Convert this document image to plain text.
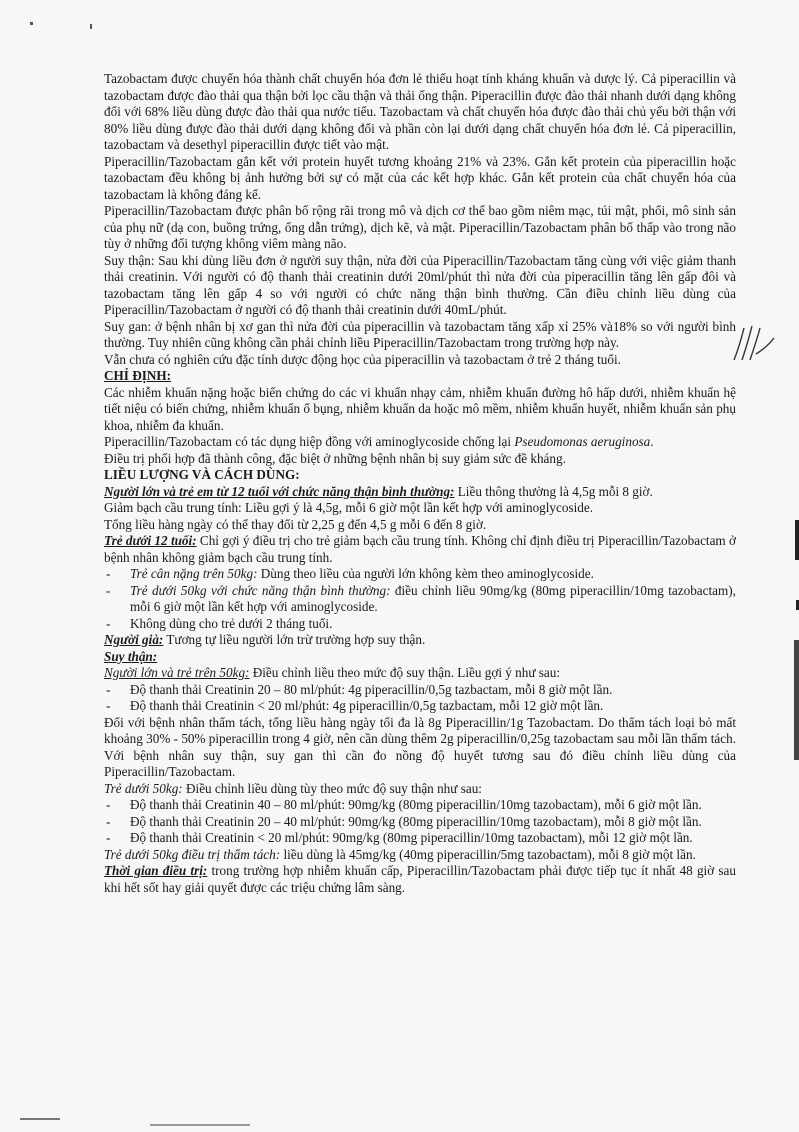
Tazobactam được chuyển hóa thành chất chuyển hóa đơn lẻ thiếu hoạt tính kháng khuẩn và dược lý. Cả piperacillin và tazobactam được đào thải qua thận bởi lọc cầu thận và thải ống thận. Piperacillin được đào thải nhanh dưới dạng không đổi với 68% liều dùng được đào thải qua nước tiểu. Tazobactam và chất chuyển hóa được đào thải chủ yếu bởi thận với 80% liều dùng được đào thải dưới dạng không đổi và phần còn lại dưới dạng chất chuyển hóa đơn lẻ. Cả piperacillin, tazobactam và desethyl piperacillin được tiết vào mật.

Piperacillin/Tazobactam gắn kết với protein huyết tương khoảng 21% và 23%. Gắn kết protein của piperacillin hoặc tazobactam đều không bị ảnh hưởng bởi sự có mặt của các kết hợp khác. Gắn kết protein của chất chuyển hóa của tazobactam là không đáng kể.

Piperacillin/Tazobactam được phân bố rộng rãi trong mô và dịch cơ thể bao gồm niêm mạc, túi mật, phổi, mô sinh sản của phụ nữ (dạ con, buồng trứng, ống dẫn trứng), dịch kẽ, và mật. Piperacillin/Tazobactam phân bố thấp vào trong não tùy ở những đối tượng không viêm màng não.

Suy thận: Sau khi dùng liều đơn ở người suy thận, nửa đời của Piperacillin/Tazobactam tăng cùng với việc giảm thanh thải creatinin. Với người có độ thanh thải creatinin dưới 20ml/phút thì nửa đời của piperacillin tăng lên gấp đôi và tazobactam tăng lên gấp 4 so với người có chức năng thận bình thường. Cần điều chỉnh liều dùng của Piperacillin/Tazobactam ở người có độ thanh thải creatinin dưới 40mL/phút.

Suy gan: ở bệnh nhân bị xơ gan thì nửa đời của piperacillin và tazobactam tăng xấp xỉ 25% và18% so với người bình thường. Tuy nhiên cũng không cần phải chỉnh liều Piperacillin/Tazobactam trong trường hợp này.

Vẫn chưa có nghiên cứu đặc tính dược động học của piperacillin và tazobactam ở trẻ 2 tháng tuổi.

CHỈ ĐỊNH:

Các nhiễm khuẩn nặng hoặc biến chứng do các vi khuẩn nhạy cảm, nhiễm khuẩn đường hô hấp dưới, nhiễm khuẩn hệ tiết niệu có biến chứng, nhiễm khuẩn ổ bụng, nhiễm khuẩn da hoặc mô mềm, nhiễm khuẩn huyết, nhiễm khuẩn sản phụ khoa, nhiễm đa khuẩn.

Piperacillin/Tazobactam có tác dụng hiệp đồng với aminoglycoside chống lại Pseudomonas aeruginosa.

Điều trị phối hợp đã thành công, đặc biệt ở những bệnh nhân bị suy giảm sức đề kháng.

LIỀU LƯỢNG VÀ CÁCH DÙNG:

Người lớn và trẻ em từ 12 tuổi với chức năng thận bình thường: Liều thông thường là 4,5g mỗi 8 giờ.

Giảm bạch cầu trung tính: Liều gợi ý là 4,5g, mỗi 6 giờ một lần kết hợp với aminoglycoside.

Tổng liều hàng ngày có thể thay đổi từ 2,25 g đến 4,5 g mỗi 6 đến 8 giờ.

Trẻ dưới 12 tuổi: Chỉ gợi ý điều trị cho trẻ giảm bạch cầu trung tính. Không chỉ định điều trị Piperacillin/Tazobactam ở bệnh nhân không giảm bạch cầu trung tính.

- Trẻ cân nặng trên 50kg: Dùng theo liều của người lớn không kèm theo aminoglycoside.

- Trẻ dưới 50kg với chức năng thận bình thường: điều chỉnh liều 90mg/kg (80mg piperacillin/10mg tazobactam), mỗi 6 giờ một lần kết hợp với aminoglycoside.

- Không dùng cho trẻ dưới 2 tháng tuổi.

Người già: Tương tự liều người lớn trừ trường hợp suy thận.

Suy thận:

Người lớn và trẻ trên 50kg: Điều chỉnh liều theo mức độ suy thận. Liều gợi ý như sau:

- Độ thanh thải Creatinin 20 – 80 ml/phút: 4g piperacillin/0,5g tazbactam, mỗi 8 giờ một lần.

- Độ thanh thải Creatinin < 20 ml/phút: 4g piperacillin/0,5g tazbactam, mỗi 12 giờ một lần.

Đối với bệnh nhân thẩm tách, tổng liều hàng ngày tối đa là 8g Piperacillin/1g Tazobactam. Do thẩm tách loại bỏ mất khoảng 30% - 50% piperacillin trong 4 giờ, nên cần dùng thêm 2g piperacillin/0,25g tazobactam sau mỗi lần thẩm tách. Với bệnh nhân suy thận, suy gan thì cần đo nồng độ huyết tương sau đó điều chỉnh liều dùng của Piperacillin/Tazobactam.

Trẻ dưới 50kg: Điều chỉnh liều dùng tùy theo mức độ suy thận như sau:

- Độ thanh thải Creatinin 40 – 80 ml/phút: 90mg/kg (80mg piperacillin/10mg tazobactam), mỗi 6 giờ một lần.

- Độ thanh thải Creatinin 20 – 40 ml/phút: 90mg/kg (80mg piperacillin/10mg tazobactam), mỗi 8 giờ một lần.

- Độ thanh thải Creatinin < 20 ml/phút: 90mg/kg (80mg piperacillin/10mg tazobactam), mỗi 12 giờ một lần.

Trẻ dưới 50kg điều trị thẩm tách: liều dùng là 45mg/kg (40mg piperacillin/5mg tazobactam), mỗi 8 giờ một lần.

Thời gian điều trị: trong trường hợp nhiễm khuẩn cấp, Piperacillin/Tazobactam phải được tiếp tục ít nhất 48 giờ sau khi hết sốt hay giải quyết được các triệu chứng lâm sàng.
